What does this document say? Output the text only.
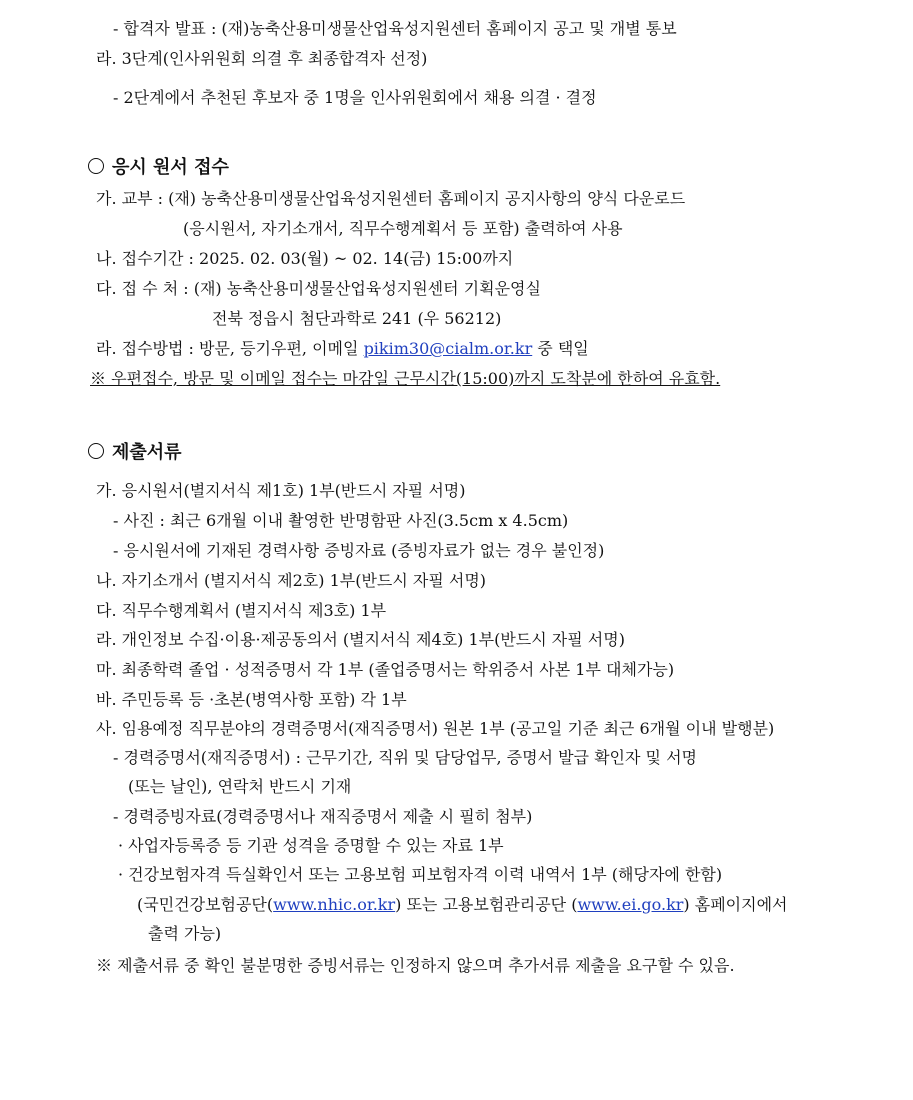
- 합격자 발표 : (재)농축산용미생물산업육성지원센터 홈페이지 공고 및 개별 통보
라. 3단계(인사위원회 의결 후 최종합격자 선정)
- 2단계에서 추천된 후보자 중 1명을 인사위원회에서 채용 의결 · 결정
응시 원서 접수
가. 교부 : (재) 농축산용미생물산업육성지원센터 홈페이지 공지사항의 양식 다운로드
(응시원서, 자기소개서, 직무수행계획서 등 포함) 출력하여 사용
나. 접수기간 : 2025. 02. 03(월) ~ 02. 14(금) 15:00까지
다. 접 수 처 : (재) 농축산용미생물산업육성지원센터 기획운영실
전북 정읍시 첨단과학로 241 (우 56212)
라. 접수방법 : 방문, 등기우편, 이메일 pikim30@cialm.or.kr 중 택일
※ 우편접수, 방문 및 이메일 접수는 마감일 근무시간(15:00)까지 도착분에 한하여 유효함.
제출서류
가. 응시원서(별지서식 제1호) 1부(반드시 자필 서명)
- 사진 : 최근 6개월 이내 촬영한 반명함판 사진(3.5cm x 4.5cm)
- 응시원서에 기재된 경력사항 증빙자료 (증빙자료가 없는 경우 불인정)
나. 자기소개서 (별지서식 제2호) 1부(반드시 자필 서명)
다. 직무수행계획서 (별지서식 제3호) 1부
라. 개인정보 수집·이용·제공동의서 (별지서식 제4호) 1부(반드시 자필 서명)
마. 최종학력 졸업 · 성적증명서 각 1부 (졸업증명서는 학위증서 사본 1부 대체가능)
바. 주민등록 등 ·초본(병역사항 포함) 각 1부
사. 임용예정 직무분야의 경력증명서(재직증명서) 원본 1부 (공고일 기준 최근 6개월 이내 발행분)
- 경력증명서(재직증명서) : 근무기간, 직위 및 담당업무, 증명서 발급 확인자 및 서명
(또는 날인), 연락처 반드시 기재
- 경력증빙자료(경력증명서나 재직증명서 제출 시 필히 첨부)
· 사업자등록증 등 기관 성격을 증명할 수 있는 자료 1부
· 건강보험자격 득실확인서 또는 고용보험 피보험자격 이력 내역서 1부 (해당자에 한함)
(국민건강보험공단(www.nhic.or.kr) 또는 고용보험관리공단 (www.ei.go.kr) 홈페이지에서
출력 가능)
※ 제출서류 중 확인 불분명한 증빙서류는 인정하지 않으며 추가서류 제출을 요구할 수 있음.
